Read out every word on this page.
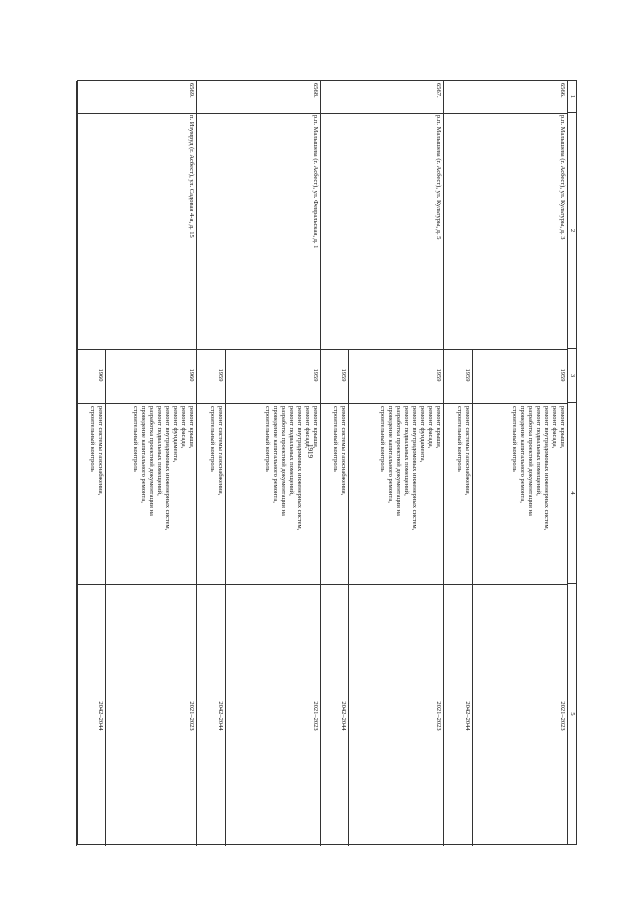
1919
1
2
3
4
5
6566.
р.п. Малышева (г. Асбест), ул. Культуры, д. 3
1959
ремонт крыши,
ремонт фасада,
ремонт внутридомовых инженерных систем,
ремонт подвальных помещений,
разработка проектной документации на
проведение капитального ремонта,
строительный контроль
2021–2023
1959
ремонт системы газоснабжения,
строительный контроль
2042–2044
6567.
р.п. Малышева (г. Асбест), ул. Культуры, д. 5
1959
ремонт крыши,
ремонт фасада,
ремонт фундамента,
ремонт внутридомовых инженерных систем,
ремонт подвальных помещений,
разработка проектной документации на
проведение капитального ремонта,
строительный контроль
2021–2023
1959
ремонт системы газоснабжения,
строительный контроль
2042–2044
6568.
р.п. Малышева (г. Асбест), ул. Февральская, д. 1
1959
ремонт крыши,
ремонт фасада,
ремонт внутридомовых инженерных систем,
ремонт подвальных помещений,
разработка проектной документации на
проведение капитального ремонта,
строительный контроль
2021–2023
1959
ремонт системы газоснабжения,
строительный контроль
2042–2044
6569.
п. Изумруд (г. Асбест), ул. Садовая 4-я, д. 15
1960
ремонт крыши,
ремонт фасада,
ремонт фундамента,
ремонт внутридомовых инженерных систем,
ремонт подвальных помещений,
разработка проектной документации на
проведение капитального ремонта,
строительный контроль
2021–2023
1960
ремонт системы газоснабжения,
строительный контроль
2042–2044
